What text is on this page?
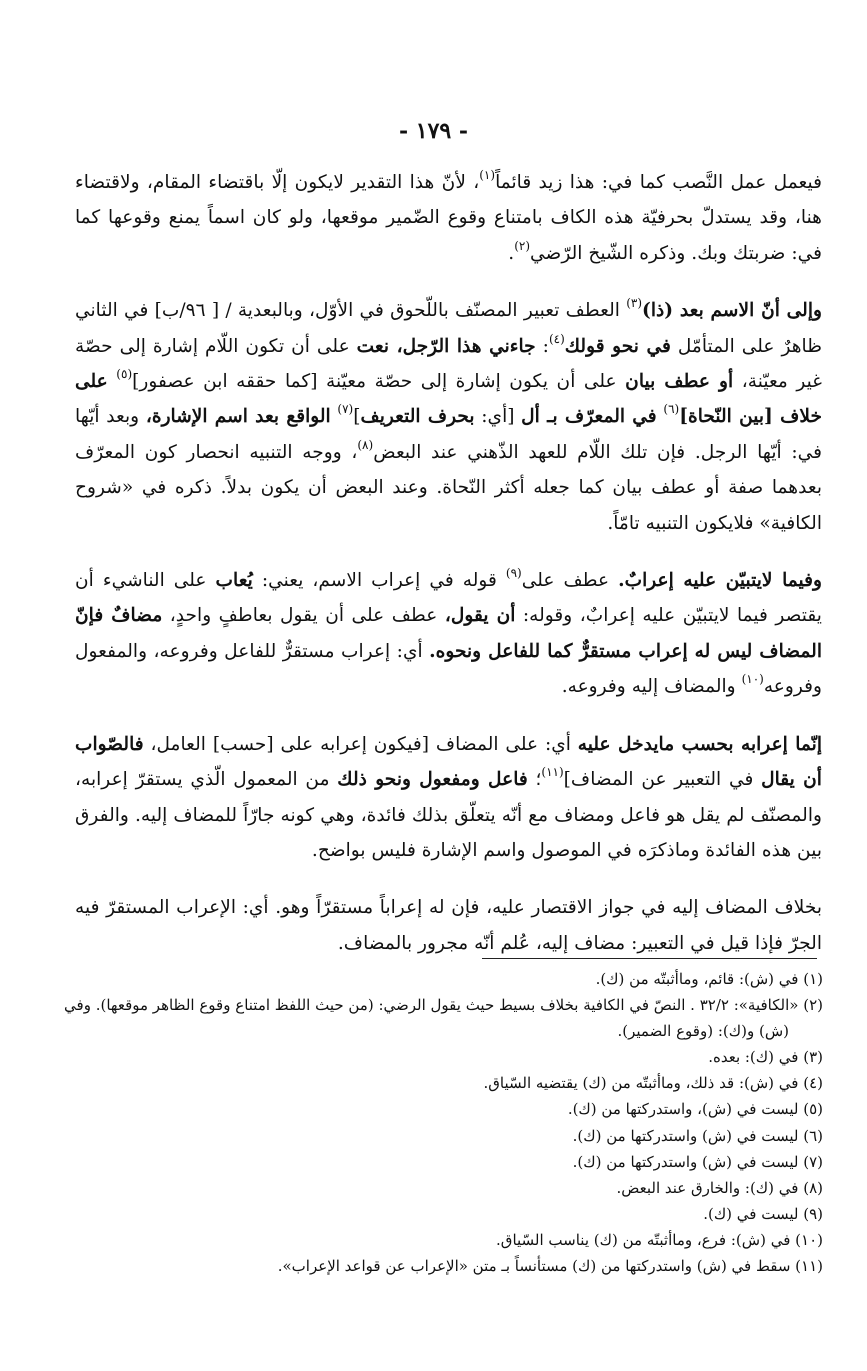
- ١٧٩ -

فيعمل عمل النَّصب كما في: هذا زيد قائماً$^{(١)}$، لأنّ هذا التقدير لايكون إلّا باقتضاء المقام، ولاقتضاء هنا، وقد يستدلّ بحرفيّة هذه الكاف بامتناع وقوع الضّمير موقعها، ولو كان اسماً يمنع وقوعها كما في: ضربتك وبك. وذكره الشّيخ الرّضي$^{(٢)}$.

وإلى أنّ الاسم بعد (ذا)$^{(٣)}$ العطف تعبير المصنّف باللّحوق في الأوّل، وبالبعدية / [ ٩٦/ب] في الثاني ظاهرٌ على المتأمّل في نحو قولك$^{(٤)}$: جاءني هذا الرّجل، نعت على أن تكون اللّام إشارة إلى حصّة غير معيّنة، أو عطف بيان على أن يكون إشارة إلى حصّة معيّنة [كما حققه ابن عصفور]$^{(٥)}$ على خلاف [بين النّحاة]$^{(٦)}$ في المعرّف بـ أل [أي: بحرف التعريف]$^{(٧)}$ الواقع بعد اسم الإشارة، وبعد أيّها في: أيّها الرجل. فإن تلك اللّام للعهد الذّهني عند البعض$^{(٨)}$، ووجه التنبيه انحصار كون المعرّف بعدهما صفة أو عطف بيان كما جعله أكثر النّحاة. وعند البعض أن يكون بدلاً. ذكره في «شروح الكافية» فلايكون التنبيه تامّاً.

وفيما لايتبيّن عليه إعرابٌ. عطف على$^{(٩)}$ قوله في إعراب الاسم، يعني: يُعاب على الناشيء أن يقتصر فيما لايتبيّن عليه إعرابٌ، وقوله: أن يقول، عطف على أن يقول بعاطفٍ واحدٍ، مضافٌ فإنّ المضاف ليس له إعراب مستقرٌّ كما للفاعل ونحوه. أي: إعراب مستقرٌّ للفاعل وفروعه، والمفعول وفروعه$^{(١٠)}$ والمضاف إليه وفروعه.

إنّما إعرابه بحسب مايدخل عليه أي: على المضاف [فيكون إعرابه على [حسب] العامل، فالصّواب أن يقال في التعبير عن المضاف]$^{(١١)}$؛ فاعل ومفعول ونحو ذلك من المعمول الّذي يستقرّ إعرابه، والمصنّف لم يقل هو فاعل ومضاف مع أنّه يتعلّق بذلك فائدة، وهي كونه جارّاً للمضاف إليه. والفرق بين هذه الفائدة وماذكرَه في الموصول واسم الإشارة فليس بواضح.

بخلاف المضاف إليه في جواز الاقتصار عليه، فإن له إعراباً مستقرّاً وهو. أي: الإعراب المستقرّ فيه الجرّ فإذا قيل في التعبير: مضاف إليه، عُلم أنّه مجرور بالمضاف.

(١) في (ش): قائم، وماأثبتّه من (ك).

(٢) «الكافية»: ٣٢/٢ . النصّ في الكافية بخلاف بسيط حيث يقول الرضي: (من حيث اللفظ امتناع وقوع الظاهر موقعها). وفي (ش) و(ك): (وقوع الضمير).

(٣) في (ك): بعده.

(٤) في (ش): قد ذلك، وماأثبتّه من (ك) يقتضيه السّياق.

(٥) ليست في (ش)، واستدركتها من (ك).

(٦) ليست في (ش) واستدركتها من (ك).

(٧) ليست في (ش) واستدركتها من (ك).

(٨) في (ك): والخارق عند البعض.

(٩) ليست في (ك).

(١٠) في (ش): فرع، وماأثبتّه من (ك) يناسب السّياق.

(١١) سقط في (ش) واستدركتها من (ك) مستأنساً بـ متن «الإعراب عن قواعد الإعراب».
